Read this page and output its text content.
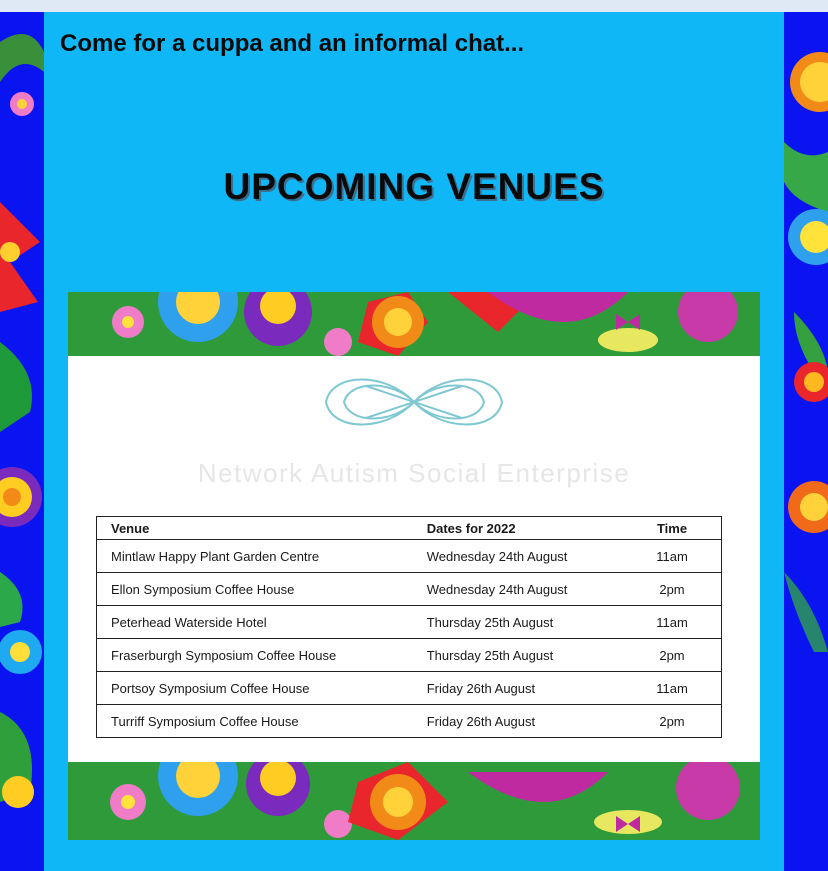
Come for a cuppa and an informal chat...
UPCOMING VENUES
Network Autism Social Enterprise
Venue	Dates for 2022	Time
Mintlaw Happy Plant Garden Centre	Wednesday 24th August	11am
Ellon Symposium Coffee House	Wednesday 24th August	2pm
Peterhead Waterside Hotel	Thursday 25th August	11am
Fraserburgh Symposium Coffee House	Thursday 25th August	2pm
Portsoy Symposium Coffee House	Friday 26th August	11am
Turriff Symposium Coffee House	Friday 26th August	2pm
